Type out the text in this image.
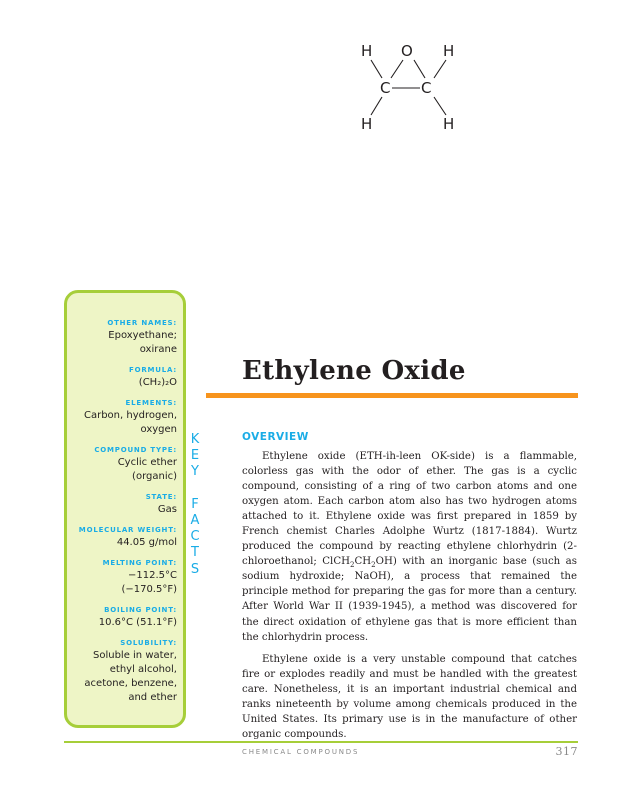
H O H
C C
H	H
OTHER NAMES:
Epoxyethane; oxirane
FORMULA:
(CH₂)₂O
ELEMENTS:
Carbon, hydrogen,
oxygen
COMPOUND TYPE:
Cyclic ether (organic)
STATE:
Gas
MOLECULAR WEIGHT:
44.05 g/mol
MELTING POINT:
−112.5°C (−170.5°F)
BOILING POINT:
10.6°C (51.1°F)
SOLUBILITY:
Soluble in water,
ethyl alcohol,
acetone, benzene,
and ether
K
E
Y

F
A
C
T
S
Ethylene Oxide
OVERVIEW

Ethylene oxide (ETH-ih-leen OK-side) is a flammable, colorless gas with the odor of ether. The gas is a cyclic compound, consisting of a ring of two carbon atoms and one oxygen atom. Each carbon atom also has two hydrogen atoms attached to it. Ethylene oxide was first prepared in 1859 by French chemist Charles Adolphe Wurtz (1817-1884). Wurtz produced the compound by reacting ethylene chlorhydrin (2-chloroethanol; $ClCH_2CH_2OH$) with an inorganic base (such as sodium hydroxide; NaOH), a process that remained the principle method for preparing the gas for more than a century. After World War II (1939-1945), a method was discovered for the direct oxidation of ethylene gas that is more efficient than the chlorhydrin process.

Ethylene oxide is a very unstable compound that catches fire or explodes readily and must be handled with the greatest care. Nonetheless, it is an important industrial chemical and ranks nineteenth by volume among chemicals produced in the United States. Its primary use is in the manufacture of other organic compounds.

CHEMICAL COMPOUNDS	317
